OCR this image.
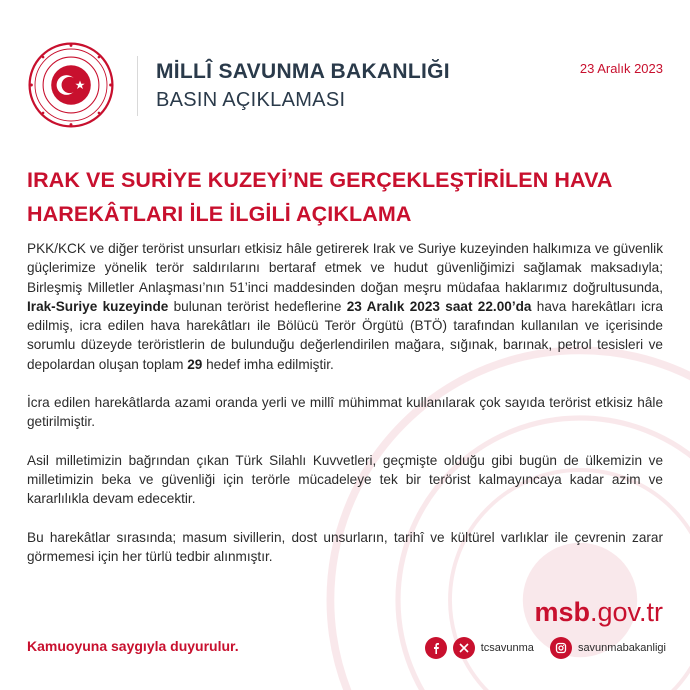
MİLLÎ SAVUNMA BAKANLIĞI
BASIN AÇIKLAMASI
23 Aralık 2023
IRAK VE SURİYE KUZEYİ’NE GERÇEKLEŞTİRİLEN HAVA
HAREKÂTLARI İLE İLGİLİ AÇIKLAMA

PKK/KCK ve diğer terörist unsurları etkisiz hâle getirerek Irak ve Suriye kuzeyinden halkımıza ve güvenlik güçlerimize yönelik terör saldırılarını bertaraf etmek ve hudut güvenliğimizi sağlamak maksadıyla; Birleşmiş Milletler Anlaşması’nın 51’inci maddesinden doğan meşru müdafaa haklarımız doğrultusunda, Irak-Suriye kuzeyinde bulunan terörist hedeflerine 23 Aralık 2023 saat 22.00’da hava harekâtları icra edilmiş, icra edilen hava harekâtları ile Bölücü Terör Örgütü (BTÖ) tarafından kullanılan ve içerisinde sorumlu düzeyde teröristlerin de bulunduğu değerlendirilen mağara, sığınak, barınak, petrol tesisleri ve depolardan oluşan toplam 29 hedef imha edilmiştir.

İcra edilen harekâtlarda azami oranda yerli ve millî mühimmat kullanılarak çok sayıda terörist etkisiz hâle getirilmiştir.

Asil milletimizin bağrından çıkan Türk Silahlı Kuvvetleri, geçmişte olduğu gibi bugün de ülkemizin ve milletimizin beka ve güvenliği için terörle mücadeleye tek bir terörist kalmayıncaya kadar azim ve kararlılıkla devam edecektir.

Bu harekâtlar sırasında; masum sivillerin, dost unsurların, tarihî ve kültürel varlıklar ile çevrenin zarar görmemesi için her türlü tedbir alınmıştır.

msb.gov.tr
Kamuoyuna saygıyla duyurulur.	tcsavunma	savunmabakanligi
